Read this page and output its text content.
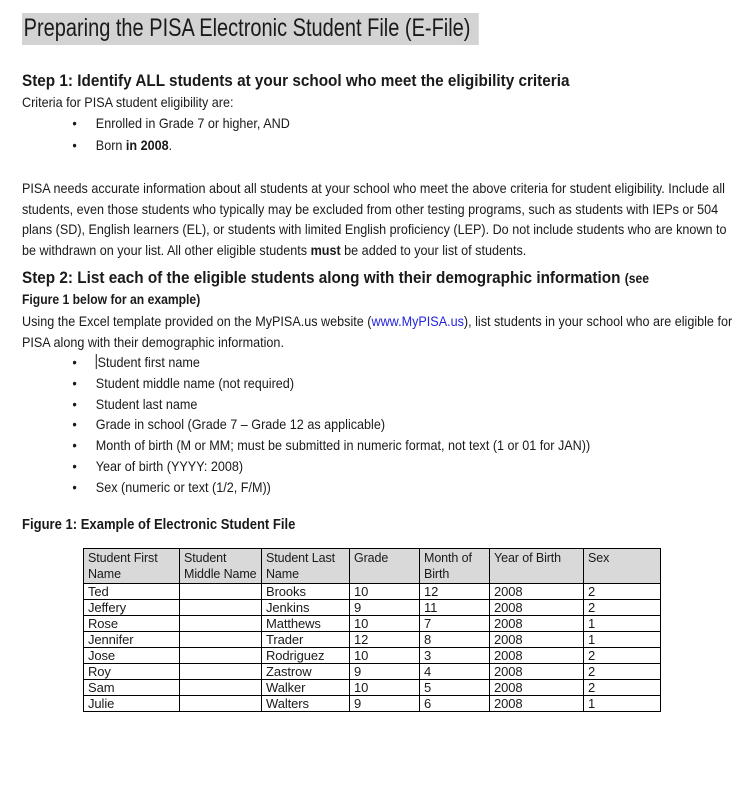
Preparing the PISA Electronic Student File (E-File)
Step 1: Identify ALL students at your school who meet the eligibility criteria

Criteria for PISA student eligibility are:

• Enrolled in Grade 7 or higher, AND
• Born in 2008.

PISA needs accurate information about all students at your school who meet the above criteria for student eligibility. Include all students, even those students who typically may be excluded from other testing programs, such as students with IEPs or 504 plans (SD), English learners (EL), or students with limited English proficiency (LEP). Do not include students who are known to be withdrawn on your list. All other eligible students must be added to your list of students.

Step 2: List each of the eligible students along with their demographic information (see
Figure 1 below for an example)

Using the Excel template provided on the MyPISA.us website (www.MyPISA.us), list students in your school who are eligible for PISA along with their demographic information.

• Student first name
• Student middle name (not required)
• Student last name
• Grade in school (Grade 7 – Grade 12 as applicable)
• Month of birth (M or MM; must be submitted in numeric format, not text (1 or 01 for JAN))
• Year of birth (YYYY: 2008)
• Sex (numeric or text (1/2, F/M))

Figure 1: Example of Electronic Student File

Student First Name	Student Middle Name	Student Last Name	Grade	Month of Birth	Year of Birth	Sex
Ted		Brooks	10	12	2008	2
Jeffery		Jenkins	9	11	2008	2
Rose		Matthews	10	7	2008	1
Jennifer		Trader	12	8	2008	1
Jose		Rodriguez	10	3	2008	2
Roy		Zastrow	9	4	2008	2
Sam		Walker	10	5	2008	2
Julie		Walters	9	6	2008	1
